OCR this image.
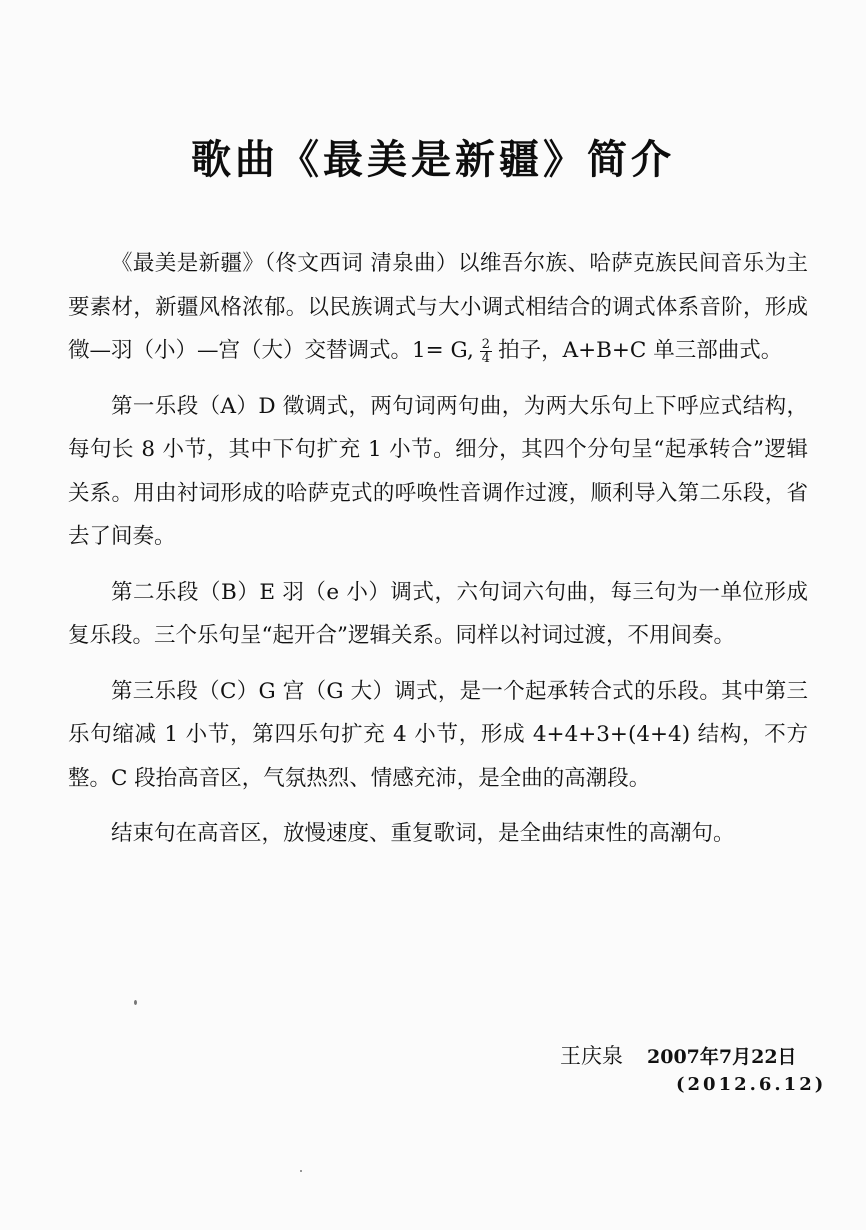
歌曲《最美是新疆》简介

《最美是新疆》（佟文西词 清泉曲）以维吾尔族、哈萨克族民间音乐为主要素材，新疆风格浓郁。以民族调式与大小调式相结合的调式体系音阶，形成徵—羽（小）—宫（大）交替调式。1= G, $\frac{2}{4}$ 拍子，A+B+C 单三部曲式。

第一乐段（A）D 徵调式，两句词两句曲，为两大乐句上下呼应式结构，每句长 8 小节，其中下句扩充 1 小节。细分，其四个分句呈“起承转合”逻辑关系。用由衬词形成的哈萨克式的呼唤性音调作过渡，顺利导入第二乐段，省去了间奏。

第二乐段（B）E 羽（e 小）调式，六句词六句曲，每三句为一单位形成复乐段。三个乐句呈“起开合”逻辑关系。同样以衬词过渡，不用间奏。

第三乐段（C）G 宫（G 大）调式，是一个起承转合式的乐段。其中第三乐句缩减 1 小节，第四乐句扩充 4 小节，形成 4+4+3+(4+4) 结构，不方整。C 段抬高音区，气氛热烈、情感充沛，是全曲的高潮段。

结束句在高音区，放慢速度、重复歌词，是全曲结束性的高潮句。

王庆泉 2007年7月22日
(2012.6.12)
